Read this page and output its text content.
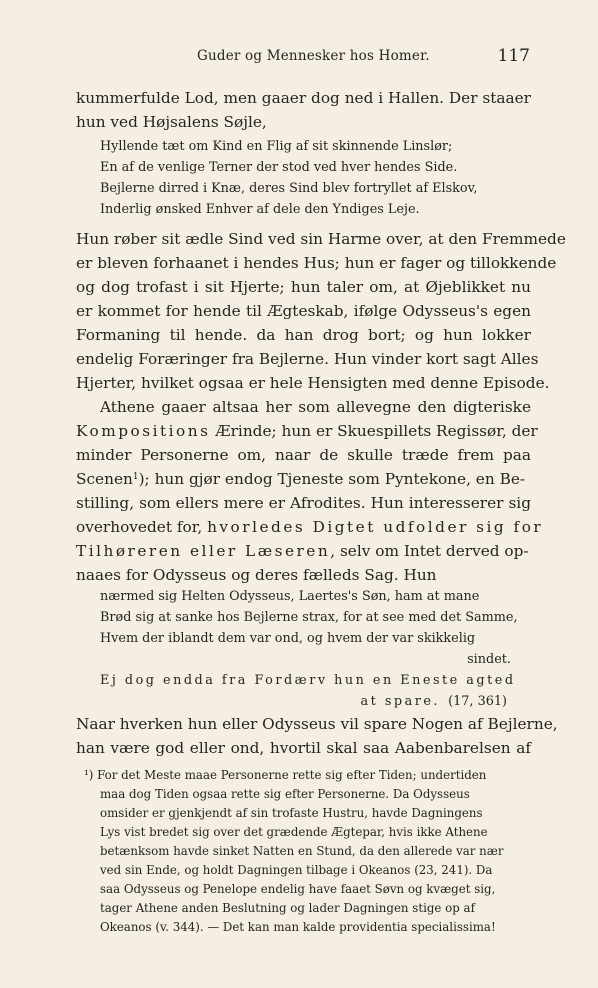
Guder og Mennesker hos Homer.	117
kummerfulde Lod, men gaaer dog ned i Hallen. Der staaer
hun ved Højsalens Søjle,
Hyllende tæt om Kind en Flig af sit skinnende Linslør;
En af de venlige Terner der stod ved hver hendes Side.
Bejlerne dirred i Knæ, deres Sind blev fortryllet af Elskov,
Inderlig ønsked Enhver af dele den Yndiges Leje.
Hun røber sit ædle Sind ved sin Harme over, at den Fremmede
er bleven forhaanet i hendes Hus; hun er fager og tillokkende
og dog trofast i sit Hjerte; hun taler om, at Øjeblikket nu
er kommet for hende til Ægteskab, ifølge Odysseus's egen
Formaning til hende. da han drog bort; og hun lokker
endelig Foræringer fra Bejlerne. Hun vinder kort sagt Alles
Hjerter, hvilket ogsaa er hele Hensigten med denne Episode.
Athene gaaer altsaa her som allevegne den digteriske
Kompositions Ærinde; hun er Skuespillets Regissør, der
minder Personerne om, naar de skulle træde frem paa
Scenen$^1$); hun gjør endog Tjeneste som Pyntekone, en Be-
stilling, som ellers mere er Afrodites. Hun interesserer sig
overhovedet for, hvorledes Digtet udfolder sig for
Tilhøreren eller Læseren, selv om Intet derved op-
naaes for Odysseus og deres fælleds Sag. Hun
nærmed sig Helten Odysseus, Laertes's Søn, ham at mane
Brød sig at sanke hos Bejlerne strax, for at see med det Samme,
Hvem der iblandt dem var ond, og hvem der var skikkelig
sindet.
Ej dog endda fra Fordærv hun en Eneste agted
at spare. (17, 361)
Naar hverken hun eller Odysseus vil spare Nogen af Bejlerne,
han være god eller ond, hvortil skal saa Aabenbarelsen af
¹) For det Meste maae Personerne rette sig efter Tiden; undertiden
maa dog Tiden ogsaa rette sig efter Personerne. Da Odysseus
omsider er gjenkjendt af sin trofaste Hustru, havde Dagningens
Lys vist bredet sig over det grædende Ægtepar, hvis ikke Athene
betænksom havde sinket Natten en Stund, da den allerede var nær
ved sin Ende, og holdt Dagningen tilbage i Okeanos (23, 241). Da
saa Odysseus og Penelope endelig have faaet Søvn og kvæget sig,
tager Athene anden Beslutning og lader Dagningen stige op af
Okeanos (v. 344). — Det kan man kalde providentia specialissima!
